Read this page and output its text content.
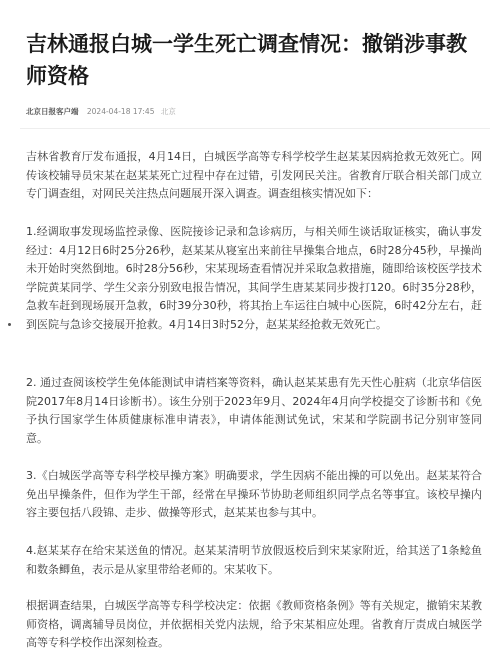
吉林通报白城一学生死亡调查情况：撤销涉事教师资格
北京日报客户端 2024-04-18 17:45 北京

吉林省教育厅发布通报，4月14日，白城医学高等专科学校学生赵某某因病抢救无效死亡。网传该校辅导员宋某在赵某某死亡过程中存在过错，引发网民关注。省教育厅联合相关部门成立专门调查组，对网民关注热点问题展开深入调查。调查组核实情况如下：

1.经调取事发现场监控录像、医院接诊记录和急诊病历，与相关师生谈话取证核实，确认事发经过：4月12日6时25分26秒，赵某某从寝室出来前往早操集合地点，6时28分45秒，早操尚未开始时突然倒地。6时28分56秒，宋某现场查看情况并采取急救措施，随即给该校医学技术学院黄某同学、学生父亲分别致电报告情况，其间学生唐某某同步拨打120。6时35分28秒，急救车赶到现场展开急救，6时39分30秒，将其抬上车运往白城中心医院，6时42分左右，赶到医院与急诊交接展开抢救。4月14日3时52分，赵某某经抢救无效死亡。

2. 通过查阅该校学生免体能测试申请档案等资料，确认赵某某患有先天性心脏病（北京华信医院2017年8月14日诊断书）。该生分别于2023年9月、2024年4月向学校提交了诊断书和《免予执行国家学生体质健康标准申请表》，申请体能测试免试，宋某和学院副书记分别审签同意。

3.《白城医学高等专科学校早操方案》明确要求，学生因病不能出操的可以免出。赵某某符合免出早操条件，但作为学生干部，经常在早操环节协助老师组织同学点名等事宜。该校早操内容主要包括八段锦、走步、做操等形式，赵某某也参与其中。

4.赵某某存在给宋某送鱼的情况。赵某某清明节放假返校后到宋某家附近，给其送了1条鲶鱼和数条鲫鱼，表示是从家里带给老师的。宋某收下。

根据调查结果，白城医学高等专科学校决定：依据《教师资格条例》等有关规定，撤销宋某教师资格，调离辅导员岗位，并依据相关党内法规，给予宋某相应处理。省教育厅责成白城医学高等专科学校作出深刻检查。
